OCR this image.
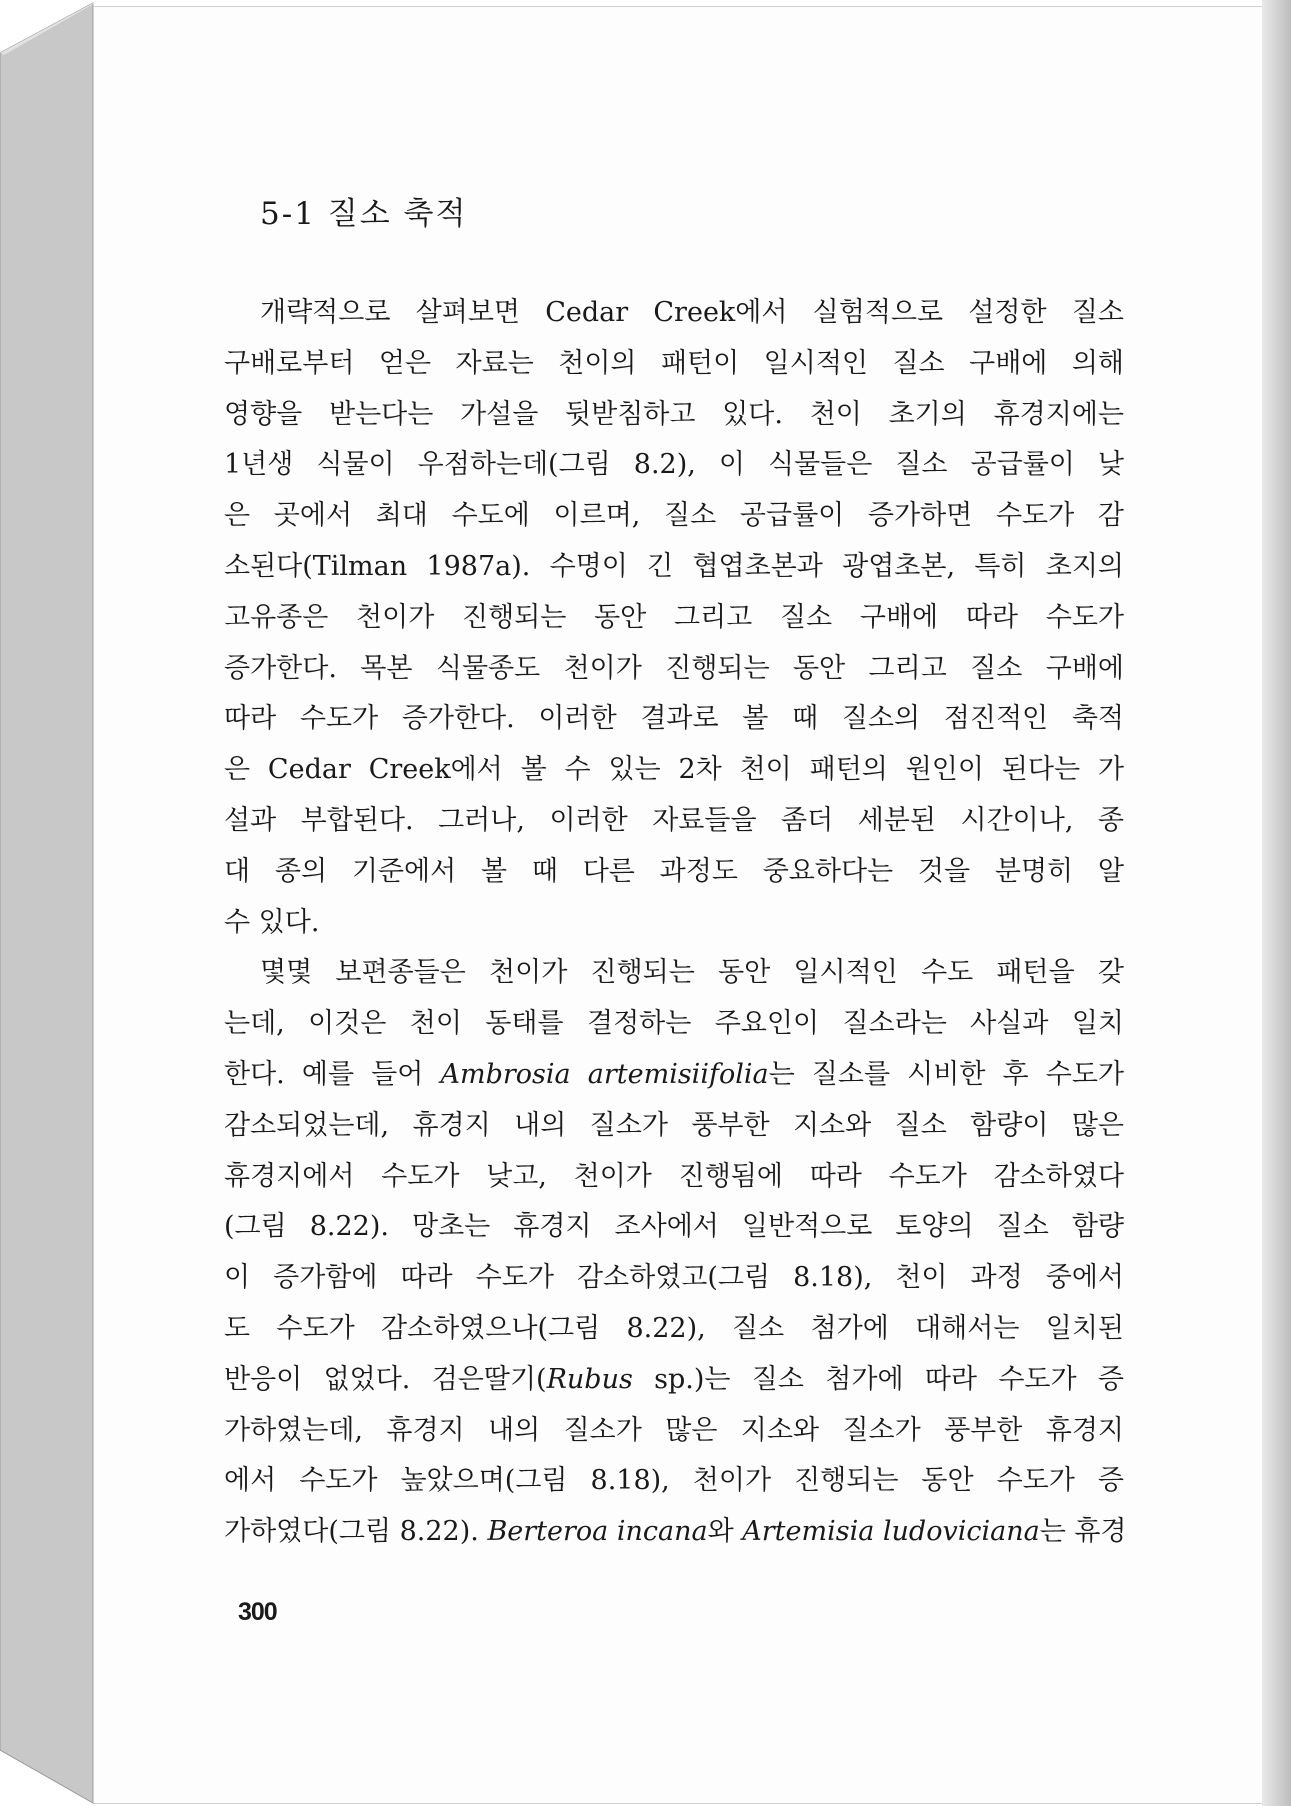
5-1 질소 축적
개략적으로 살펴보면 Cedar Creek에서 실험적으로 설정한 질소
구배로부터 얻은 자료는 천이의 패턴이 일시적인 질소 구배에 의해
영향을 받는다는 가설을 뒷받침하고 있다. 천이 초기의 휴경지에는
1년생 식물이 우점하는데(그림 8.2), 이 식물들은 질소 공급률이 낮
은 곳에서 최대 수도에 이르며, 질소 공급률이 증가하면 수도가 감
소된다(Tilman 1987a). 수명이 긴 협엽초본과 광엽초본, 특히 초지의
고유종은 천이가 진행되는 동안 그리고 질소 구배에 따라 수도가
증가한다. 목본 식물종도 천이가 진행되는 동안 그리고 질소 구배에
따라 수도가 증가한다. 이러한 결과로 볼 때 질소의 점진적인 축적
은 Cedar Creek에서 볼 수 있는 2차 천이 패턴의 원인이 된다는 가
설과 부합된다. 그러나, 이러한 자료들을 좀더 세분된 시간이나, 종
대 종의 기준에서 볼 때 다른 과정도 중요하다는 것을 분명히 알
수 있다.
몇몇 보편종들은 천이가 진행되는 동안 일시적인 수도 패턴을 갖
는데, 이것은 천이 동태를 결정하는 주요인이 질소라는 사실과 일치
한다. 예를 들어 Ambrosia artemisiifolia는 질소를 시비한 후 수도가
감소되었는데, 휴경지 내의 질소가 풍부한 지소와 질소 함량이 많은
휴경지에서 수도가 낮고, 천이가 진행됨에 따라 수도가 감소하였다
(그림 8.22). 망초는 휴경지 조사에서 일반적으로 토양의 질소 함량
이 증가함에 따라 수도가 감소하였고(그림 8.18), 천이 과정 중에서
도 수도가 감소하였으나(그림 8.22), 질소 첨가에 대해서는 일치된
반응이 없었다. 검은딸기(Rubus sp.)는 질소 첨가에 따라 수도가 증
가하였는데, 휴경지 내의 질소가 많은 지소와 질소가 풍부한 휴경지
에서 수도가 높았으며(그림 8.18), 천이가 진행되는 동안 수도가 증
가하였다(그림 8.22). Berteroa incana와 Artemisia ludoviciana는 휴경
300
